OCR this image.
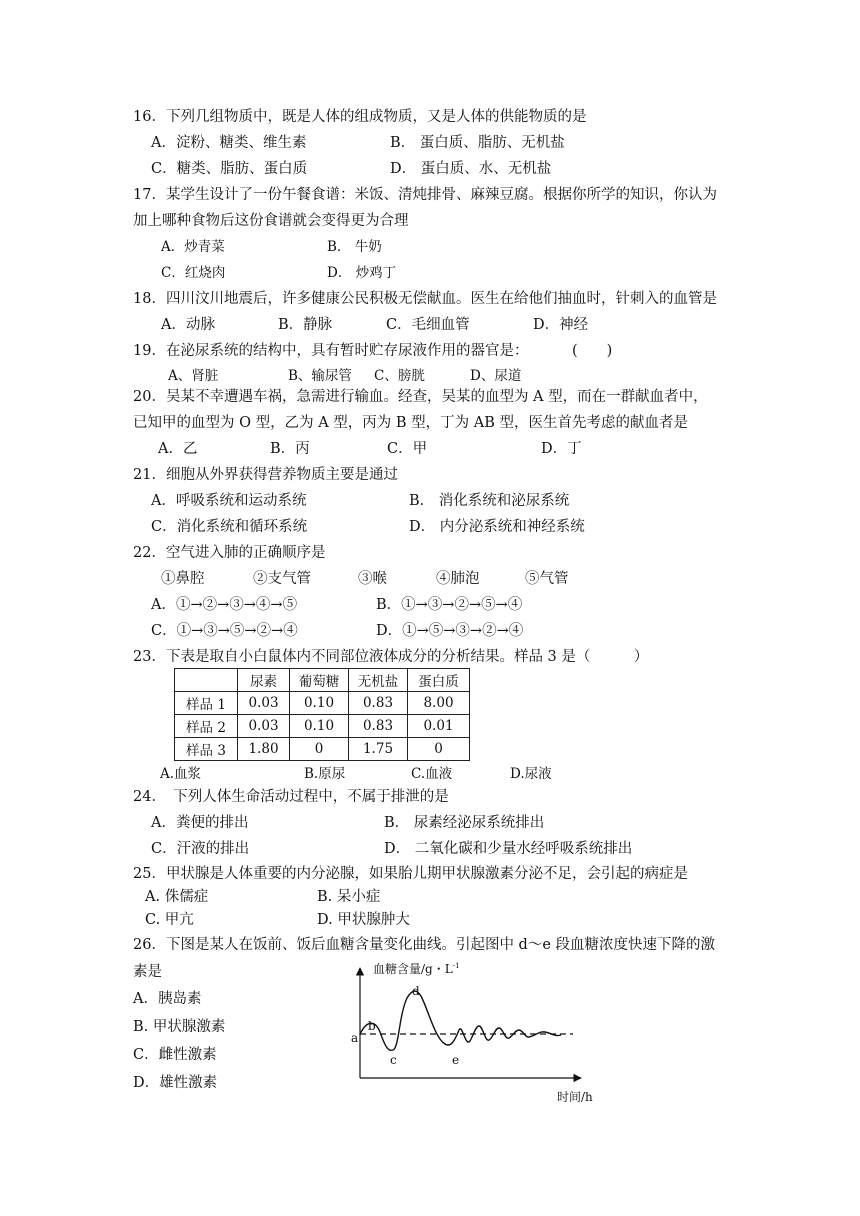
16．下列几组物质中，既是人体的组成物质，又是人体的供能物质的是
A．淀粉、糖类、维生素	B． 蛋白质、脂肪、无机盐
C．糖类、脂肪、蛋白质	D． 蛋白质、水、无机盐
17．某学生设计了一份午餐食谱：米饭、清炖排骨、麻辣豆腐。根据你所学的知识，你认为
加上哪种食物后这份食谱就会变得更为合理
A．炒青菜	B． 牛奶
C．红烧肉	D． 炒鸡丁
18．四川汶川地震后，许多健康公民积极无偿献血。医生在给他们抽血时，针刺入的血管是
A．动脉	B．静脉	C．毛细血管	D．神经
19．在泌尿系统的结构中，具有暂时贮存尿液作用的器官是：	(　　)
A、肾脏	B、输尿管 C、膀胱	D、尿道
20．吴某不幸遭遇车祸，急需进行输血。经查，吴某的血型为 A 型，而在一群献血者中，
已知甲的血型为 O 型，乙为 A 型，丙为 B 型，丁为 AB 型，医生首先考虑的献血者是
A．乙	B．丙	C．甲	D．丁
21．细胞从外界获得营养物质主要是通过
A．呼吸系统和运动系统	B． 消化系统和泌尿系统
C．消化系统和循环系统	D． 内分泌系统和神经系统
22．空气进入肺的正确顺序是
①鼻腔	②支气管	③喉	④肺泡	⑤气管
A．①→②→③→④→⑤	B．①→③→②→⑤→④
C．①→③→⑤→②→④	D．①→⑤→③→②→④
23．下表是取自小白鼠体内不同部位液体成分的分析结果。样品 3 是（　　　）
	尿素	葡萄糖	无机盐	蛋白质
样品 1	0.03	0.10	0.83	8.00
样品 2	0.03	0.10	0.83	0.01
样品 3	1.80	0	1.75	0
A.血浆	B.原尿	C.血液	D.尿液
24．　下列人体生命活动过程中，不属于排泄的是
A．粪便的排出	B． 尿素经泌尿系统排出
C．汗液的排出	D． 二氧化碳和少量水经呼吸系统排出
25．甲状腺是人体重要的内分泌腺，如果胎儿期甲状腺激素分泌不足，会引起的病症是
A. 侏儒症	B. 呆小症
C. 甲亢	D. 甲状腺肿大
26．下图是某人在饭前、饭后血糖含量变化曲线。引起图中 d～e 段血糖浓度快速下降的激
素是
A．胰岛素
B. 甲状腺激素
C．雌性激素
D．雄性激素
血糖含量/g・$L^{-1}$
a
b
c
d
e
时间/h
